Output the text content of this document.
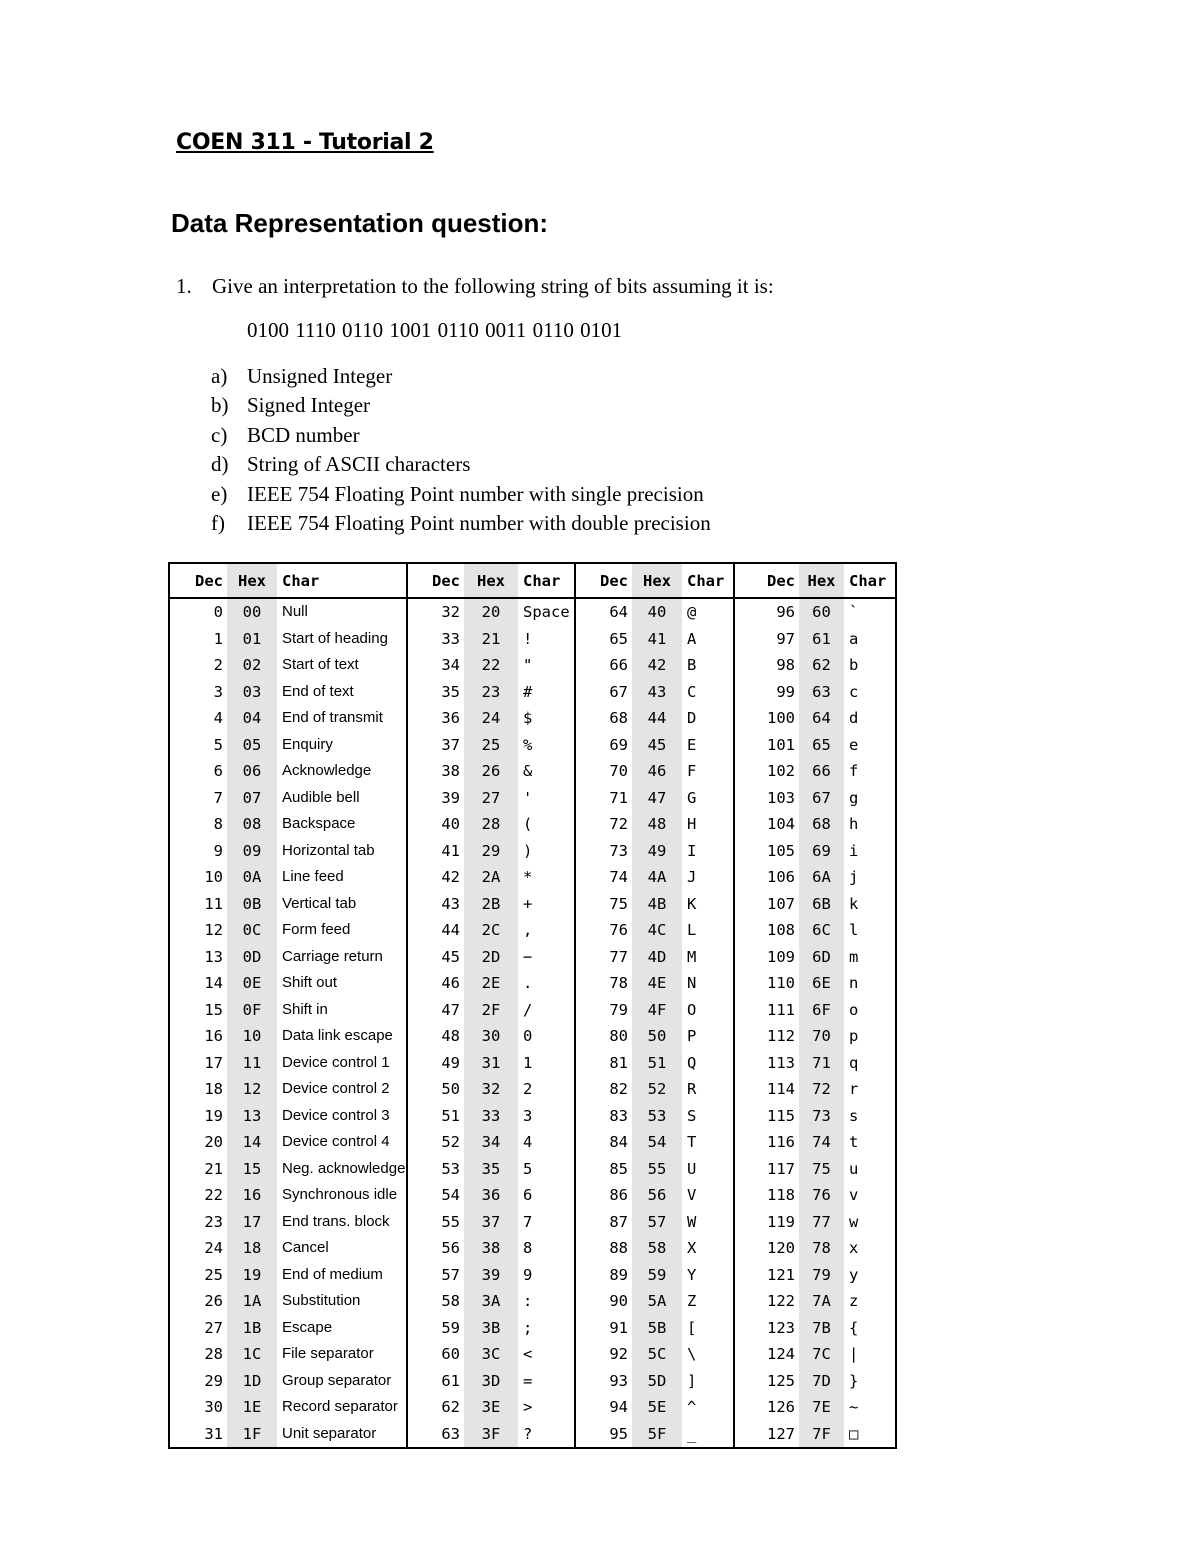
COEN 311 - Tutorial 2
Data Representation question:
1. Give an interpretation to the following string of bits assuming it is:
0100 1110 0110 1001 0110 0011 0110 0101
a) Unsigned Integer
b) Signed Integer
c) BCD number
d) String of ASCII characters
e) IEEE 754 Floating Point number with single precision
f) IEEE 754 Floating Point number with double precision
Dec	Hex	Char	Dec	Hex	Char	Dec	Hex	Char	Dec	Hex	Char
0	00	Null	32	20	Space	64	40	@	96	60	`
1	01	Start of heading	33	21	!	65	41	A	97	61	a
2	02	Start of text	34	22	"	66	42	B	98	62	b
3	03	End of text	35	23	#	67	43	C	99	63	c
4	04	End of transmit	36	24	$	68	44	D	100	64	d
5	05	Enquiry	37	25	%	69	45	E	101	65	e
6	06	Acknowledge	38	26	&	70	46	F	102	66	f
7	07	Audible bell	39	27	'	71	47	G	103	67	g
8	08	Backspace	40	28	(	72	48	H	104	68	h
9	09	Horizontal tab	41	29	)	73	49	I	105	69	i
10	0A	Line feed	42	2A	*	74	4A	J	106	6A	j
11	0B	Vertical tab	43	2B	+	75	4B	K	107	6B	k
12	0C	Form feed	44	2C	,	76	4C	L	108	6C	l
13	0D	Carriage return	45	2D	−	77	4D	M	109	6D	m
14	0E	Shift out	46	2E	.	78	4E	N	110	6E	n
15	0F	Shift in	47	2F	/	79	4F	O	111	6F	o
16	10	Data link escape	48	30	0	80	50	P	112	70	p
17	11	Device control 1	49	31	1	81	51	Q	113	71	q
18	12	Device control 2	50	32	2	82	52	R	114	72	r
19	13	Device control 3	51	33	3	83	53	S	115	73	s
20	14	Device control 4	52	34	4	84	54	T	116	74	t
21	15	Neg. acknowledge	53	35	5	85	55	U	117	75	u
22	16	Synchronous idle	54	36	6	86	56	V	118	76	v
23	17	End trans. block	55	37	7	87	57	W	119	77	w
24	18	Cancel	56	38	8	88	58	X	120	78	x
25	19	End of medium	57	39	9	89	59	Y	121	79	y
26	1A	Substitution	58	3A	:	90	5A	Z	122	7A	z
27	1B	Escape	59	3B	;	91	5B	[	123	7B	{
28	1C	File separator	60	3C	<	92	5C	\	124	7C	|
29	1D	Group separator	61	3D	=	93	5D	]	125	7D	}
30	1E	Record separator	62	3E	>	94	5E	^	126	7E	~
31	1F	Unit separator	63	3F	?	95	5F	_	127	7F	□
